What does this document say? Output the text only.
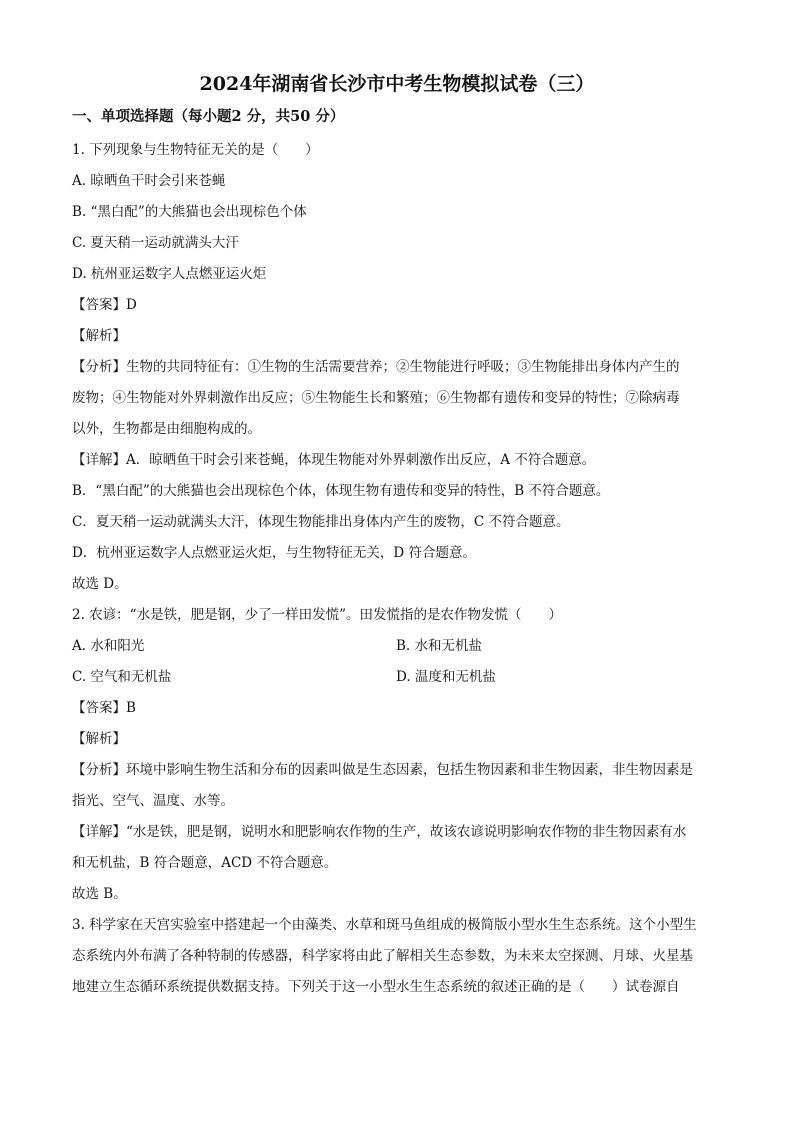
2024年湖南省长沙市中考生物模拟试卷（三）
一、单项选择题（每小题2 分，共50 分）
1. 下列现象与生物特征无关的是（　　）
A. 晾晒鱼干时会引来苍蝇
B. “黑白配”的大熊猫也会出现棕色个体
C. 夏天稍一运动就满头大汗
D. 杭州亚运数字人点燃亚运火炬
【答案】D
【解析】
【分析】生物的共同特征有：①生物的生活需要营养；②生物能进行呼吸；③生物能排出身体内产生的
废物；④生物能对外界刺激作出反应；⑤生物能生长和繁殖；⑥生物都有遗传和变异的特性；⑦除病毒
以外，生物都是由细胞构成的。
【详解】A．晾晒鱼干时会引来苍蝇，体现生物能对外界刺激作出反应，A 不符合题意。
B．“黑白配”的大熊猫也会出现棕色个体，体现生物有遗传和变异的特性，B 不符合题意。
C．夏天稍一运动就满头大汗，体现生物能排出身体内产生的废物，C 不符合题意。
D．杭州亚运数字人点燃亚运火炬，与生物特征无关，D 符合题意。
故选 D。
2. 农谚：“水是铁，肥是钢，少了一样田发慌”。田发慌指的是农作物发慌（　　）
A. 水和阳光	B. 水和无机盐
C. 空气和无机盐	D. 温度和无机盐
【答案】B
【解析】
【分析】环境中影响生物生活和分布的因素叫做是生态因素，包括生物因素和非生物因素，非生物因素是
指光、空气、温度、水等。
【详解】“水是铁，肥是钢，说明水和肥影响农作物的生产，故该农谚说明影响农作物的非生物因素有水
和无机盐，B 符合题意，ACD 不符合题意。
故选 B。
3. 科学家在天宫实验室中搭建起一个由藻类、水草和斑马鱼组成的极简版小型水生生态系统。这个小型生
态系统内外布满了各种特制的传感器，科学家将由此了解相关生态参数，为未来太空探测、月球、火星基
地建立生态循环系统提供数据支持。下列关于这一小型水生生态系统的叙述正确的是（　　）试卷源自
